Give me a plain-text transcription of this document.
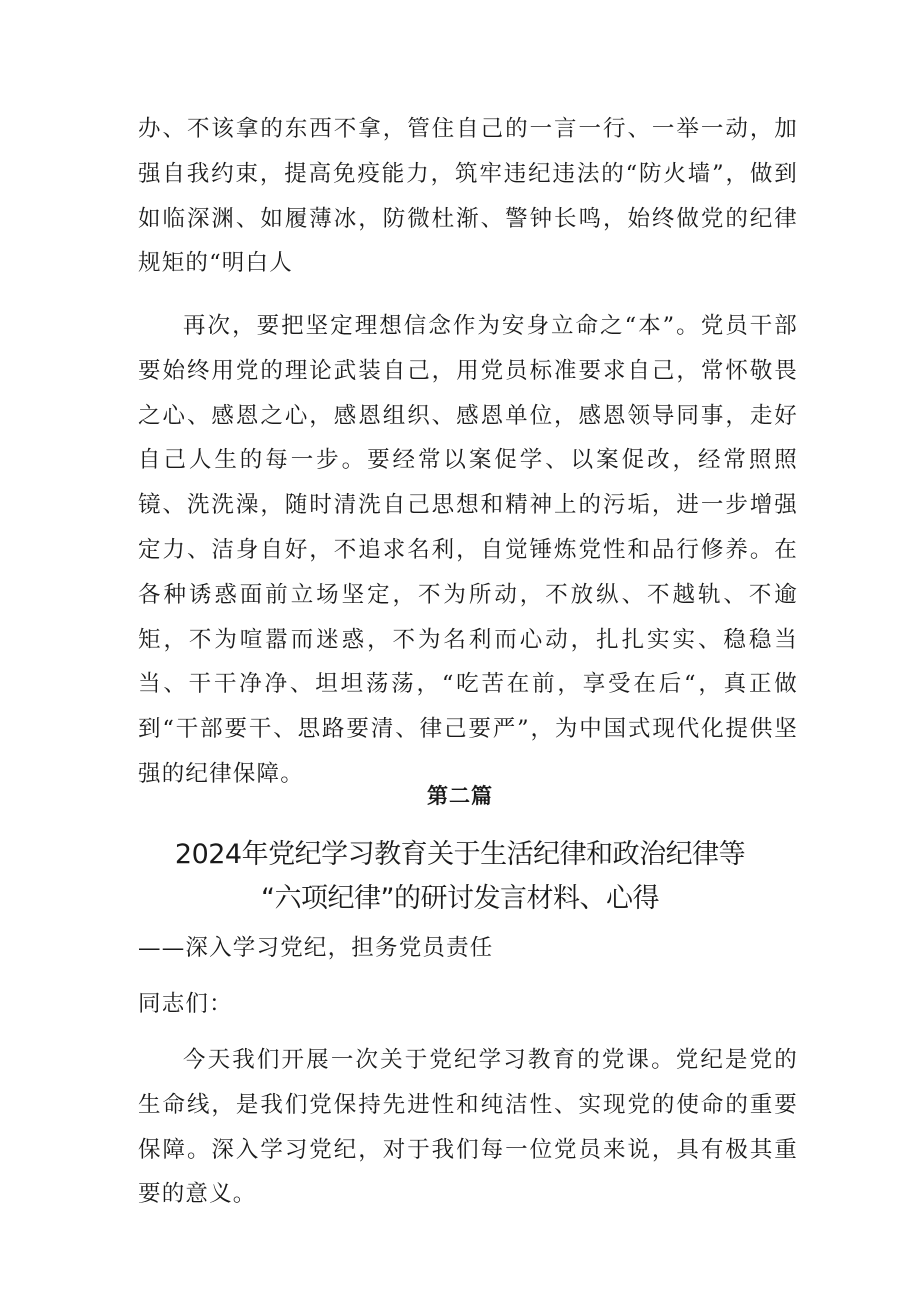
办、不该拿的东西不拿，管住自己的一言一行、一举一动，加强自我约束，提高免疫能力，筑牢违纪违法的“防火墙”，做到如临深渊、如履薄冰，防微杜渐、警钟长鸣，始终做党的纪律规矩的“明白人

再次，要把坚定理想信念作为安身立命之“本”。党员干部要始终用党的理论武装自己，用党员标准要求自己，常怀敬畏之心、感恩之心，感恩组织、感恩单位，感恩领导同事，走好自己人生的每一步。要经常以案促学、以案促改，经常照照镜、洗洗澡，随时清洗自己思想和精神上的污垢，进一步增强定力、洁身自好，不追求名利，自觉锤炼党性和品行修养。在各种诱惑面前立场坚定，不为所动，不放纵、不越轨、不逾矩，不为喧嚣而迷惑，不为名利而心动，扎扎实实、稳稳当当、干干净净、坦坦荡荡，“吃苦在前，享受在后“，真正做到“干部要干、思路要清、律己要严”，为中国式现代化提供坚强的纪律保障。

第二篇

2024年党纪学习教育关于生活纪律和政治纪律等

“六项纪律”的研讨发言材料、心得

——深入学习党纪，担务党员责任

同志们：

今天我们开展一次关于党纪学习教育的党课。党纪是党的生命线，是我们党保持先进性和纯洁性、实现党的使命的重要保障。深入学习党纪，对于我们每一位党员来说，具有极其重要的意义。
